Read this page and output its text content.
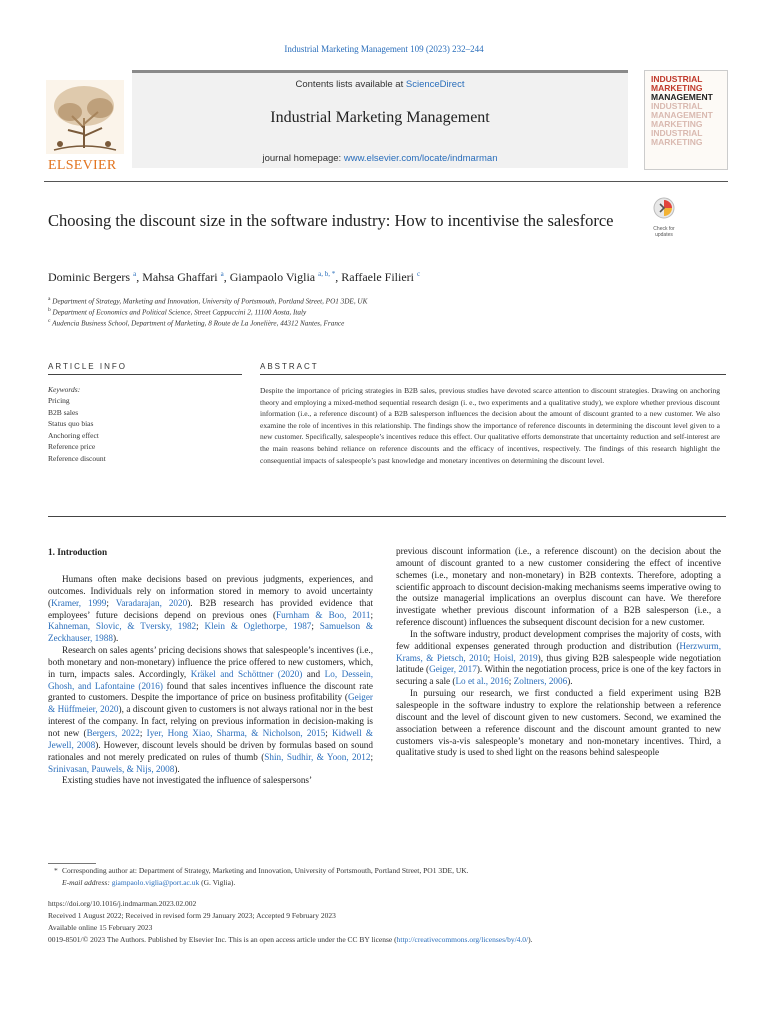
Industrial Marketing Management 109 (2023) 232–244
ELSEVIER
Contents lists available at ScienceDirect
Industrial Marketing Management
journal homepage: www.elsevier.com/locate/indmarman
INDUSTRIAL
MARKETING
MANAGEMENT
INDUSTRIAL
MANAGEMENT
MARKETING
INDUSTRIAL
MARKETING
Choosing the discount size in the software industry: How to incentivise the salesforce	Check for
updates
Dominic Bergers $^a$, Mahsa Ghaffari $^a$, Giampaolo Viglia $^{a, b, *}$, Raffaele Filieri $^c$
$^a$ Department of Strategy, Marketing and Innovation, University of Portsmouth, Portland Street, PO1 3DE, UK
$^b$ Department of Economics and Political Science, Street Cappuccini 2, 11100 Aosta, Italy
$^c$ Audencia Business School, Department of Marketing, 8 Route de La Jonelière, 44312 Nantes, France
ARTICLE INFO	ABSTRACT
Keywords:
Pricing
B2B sales
Status quo bias
Anchoring effect
Reference price
Reference discount
Despite the importance of pricing strategies in B2B sales, previous studies have devoted scarce attention to discount strategies. Drawing on anchoring theory and employing a mixed-method sequential research design (i. e., two experiments and a qualitative study), we explore whether previous discount information (i.e., a reference discount) of a B2B salesperson influences the decision about the amount of discount granted to a new customer. We also examine the role of incentives in this relationship. The findings show the importance of reference discounts in determining the discount level given to a new customer. Specifically, salespeople’s incentives reduce this effect. Our qualitative efforts demonstrate that uncertainty reduction and self-interest are the main reasons behind reliance on reference discounts and the efficacy of incentives, respectively. The findings of this research highlight the consequential impacts of salespeople’s past knowledge and monetary incentives on determining the discount level.
1. Introduction

Humans often make decisions based on previous judgments, experiences, and outcomes. Individuals rely on information stored in memory to avoid uncertainty (Kramer, 1999; Varadarajan, 2020). B2B research has provided evidence that employees’ future decisions depend on previous ones (Furnham & Boo, 2011; Kahneman, Slovic, & Tversky, 1982; Klein & Oglethorpe, 1987; Samuelson & Zeckhauser, 1988).

Research on sales agents’ pricing decisions shows that salespeople’s incentives (i.e., both monetary and non-monetary) influence the price offered to new customers, which, in turn, impacts sales. Accordingly, Kräkel and Schöttner (2020) and Lo, Dessein, Ghosh, and Lafontaine (2016) found that sales incentives influence the discount rate granted to customers. Despite the importance of price on business profitability (Geiger & Hüffmeier, 2020), a discount given to customers is not always rational nor in the best interest of the company. In fact, relying on previous information in decision-making is not new (Bergers, 2022; Iyer, Hong Xiao, Sharma, & Nicholson, 2015; Kidwell & Jewell, 2008). However, discount levels should be driven by formulas based on sound rationales and not merely predicated on rules of thumb (Shin, Sudhir, & Yoon, 2012; Srinivasan, Pauwels, & Nijs, 2008).

Existing studies have not investigated the influence of salespersons’

previous discount information (i.e., a reference discount) on the decision about the amount of discount granted to a new customer considering the effect of incentive schemes (i.e., monetary and non-monetary) in B2B contexts. Therefore, adopting a scientific approach to discount decision-making mechanisms seems imperative owing to the outsize managerial implications an overplus discount can have. We therefore investigate whether previous discount information of a B2B salesperson (i.e., a reference discount) influences the subsequent discount decision for a new customer.

In the software industry, product development comprises the majority of costs, with few additional expenses generated through production and distribution (Herzwurm, Krams, & Pietsch, 2010; Hoisl, 2019), thus giving B2B salespeople wide negotiation latitude (Geiger, 2017). Within the negotiation process, price is one of the key factors in securing a sale (Lo et al., 2016; Zoltners, 2006).

In pursuing our research, we first conducted a field experiment using B2B salespeople in the software industry to explore the relationship between a reference discount and the level of discount given to new customers. Second, we examined the association between a reference discount and the discount amount granted to new customers vis-a-vis salespeople’s monetary and non-monetary incentives. Third, a qualitative study is used to shed light on the reasons behind salespeople

* Corresponding author at: Department of Strategy, Marketing and Innovation, University of Portsmouth, Portland Street, PO1 3DE, UK.
E-mail address: giampaolo.viglia@port.ac.uk (G. Viglia).
https://doi.org/10.1016/j.indmarman.2023.02.002
Received 1 August 2022; Received in revised form 29 January 2023; Accepted 9 February 2023
Available online 15 February 2023
0019-8501/© 2023 The Authors. Published by Elsevier Inc. This is an open access article under the CC BY license (http://creativecommons.org/licenses/by/4.0/).
